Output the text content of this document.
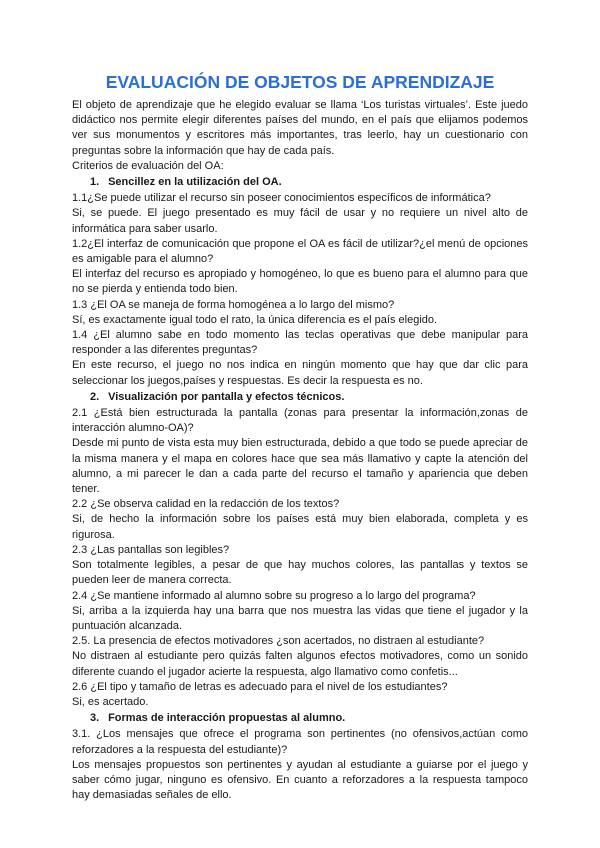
EVALUACIÓN DE OBJETOS DE APRENDIZAJE

El objeto de aprendizaje que he elegido evaluar se llama ‘Los turistas virtuales’. Este juedo didáctico nos permite elegir diferentes países del mundo, en el país que elijamos podemos ver sus monumentos y escritores más importantes, tras leerlo, hay un cuestionario con preguntas sobre la información que hay de cada país.

Criterios de evaluación del OA:

1. Sencillez en la utilización del OA.

1.1¿Se puede utilizar el recurso sin poseer conocimientos específicos de informática?

Si, se puede. El juego presentado es muy fácil de usar y no requiere un nivel alto de informática para saber usarlo.

1.2¿El interfaz de comunicación que propone el OA es fácil de utilizar?¿el menú de opciones es amigable para el alumno?

El interfaz del recurso es apropiado y homogéneo, lo que es bueno para el alumno para que no se pierda y entienda todo bien.

1.3 ¿El OA se maneja de forma homogénea a lo largo del mismo?

Sí, es exactamente igual todo el rato, la única diferencia es el país elegido.

1.4 ¿El alumno sabe en todo momento las teclas operativas que debe manipular para responder a las diferentes preguntas?

En este recurso, el juego no nos indica en ningún momento que hay que dar clic para seleccionar los juegos,países y respuestas. Es decir la respuesta es no.

2. Visualización por pantalla y efectos técnicos.

2.1 ¿Está bien estructurada la pantalla (zonas para presentar la información,zonas de interacción alumno-OA)?

Desde mi punto de vista esta muy bien estructurada, debido a que todo se puede apreciar de la misma manera y el mapa en colores hace que sea más llamativo y capte la atención del alumno, a mi parecer le dan a cada parte del recurso el tamaño y apariencia que deben tener.

2.2 ¿Se observa calidad en la redacción de los textos?

Si, de hecho la información sobre los países está muy bien elaborada, completa y es rigurosa.

2.3 ¿Las pantallas son legibles?

Son totalmente legibles, a pesar de que hay muchos colores, las pantallas y textos se pueden leer de manera correcta.

2.4 ¿Se mantiene informado al alumno sobre su progreso a lo largo del programa?

Si, arriba a la izquierda hay una barra que nos muestra las vidas que tiene el jugador y la puntuación alcanzada.

2.5. La presencia de efectos motivadores ¿son acertados, no distraen al estudiante?

No distraen al estudiante pero quizás falten algunos efectos motivadores, como un sonido diferente cuando el jugador acierte la respuesta, algo llamativo como confetis...

2.6 ¿El tipo y tamaño de letras es adecuado para el nivel de los estudiantes?

Si, es acertado.

3. Formas de interacción propuestas al alumno.

3.1. ¿Los mensajes que ofrece el programa son pertinentes (no ofensivos,actúan como reforzadores a la respuesta del estudiante)?

Los mensajes propuestos son pertinentes y ayudan al estudiante a guiarse por el juego y saber cómo jugar, ninguno es ofensivo. En cuanto a reforzadores a la respuesta tampoco hay demasiadas señales de ello.
